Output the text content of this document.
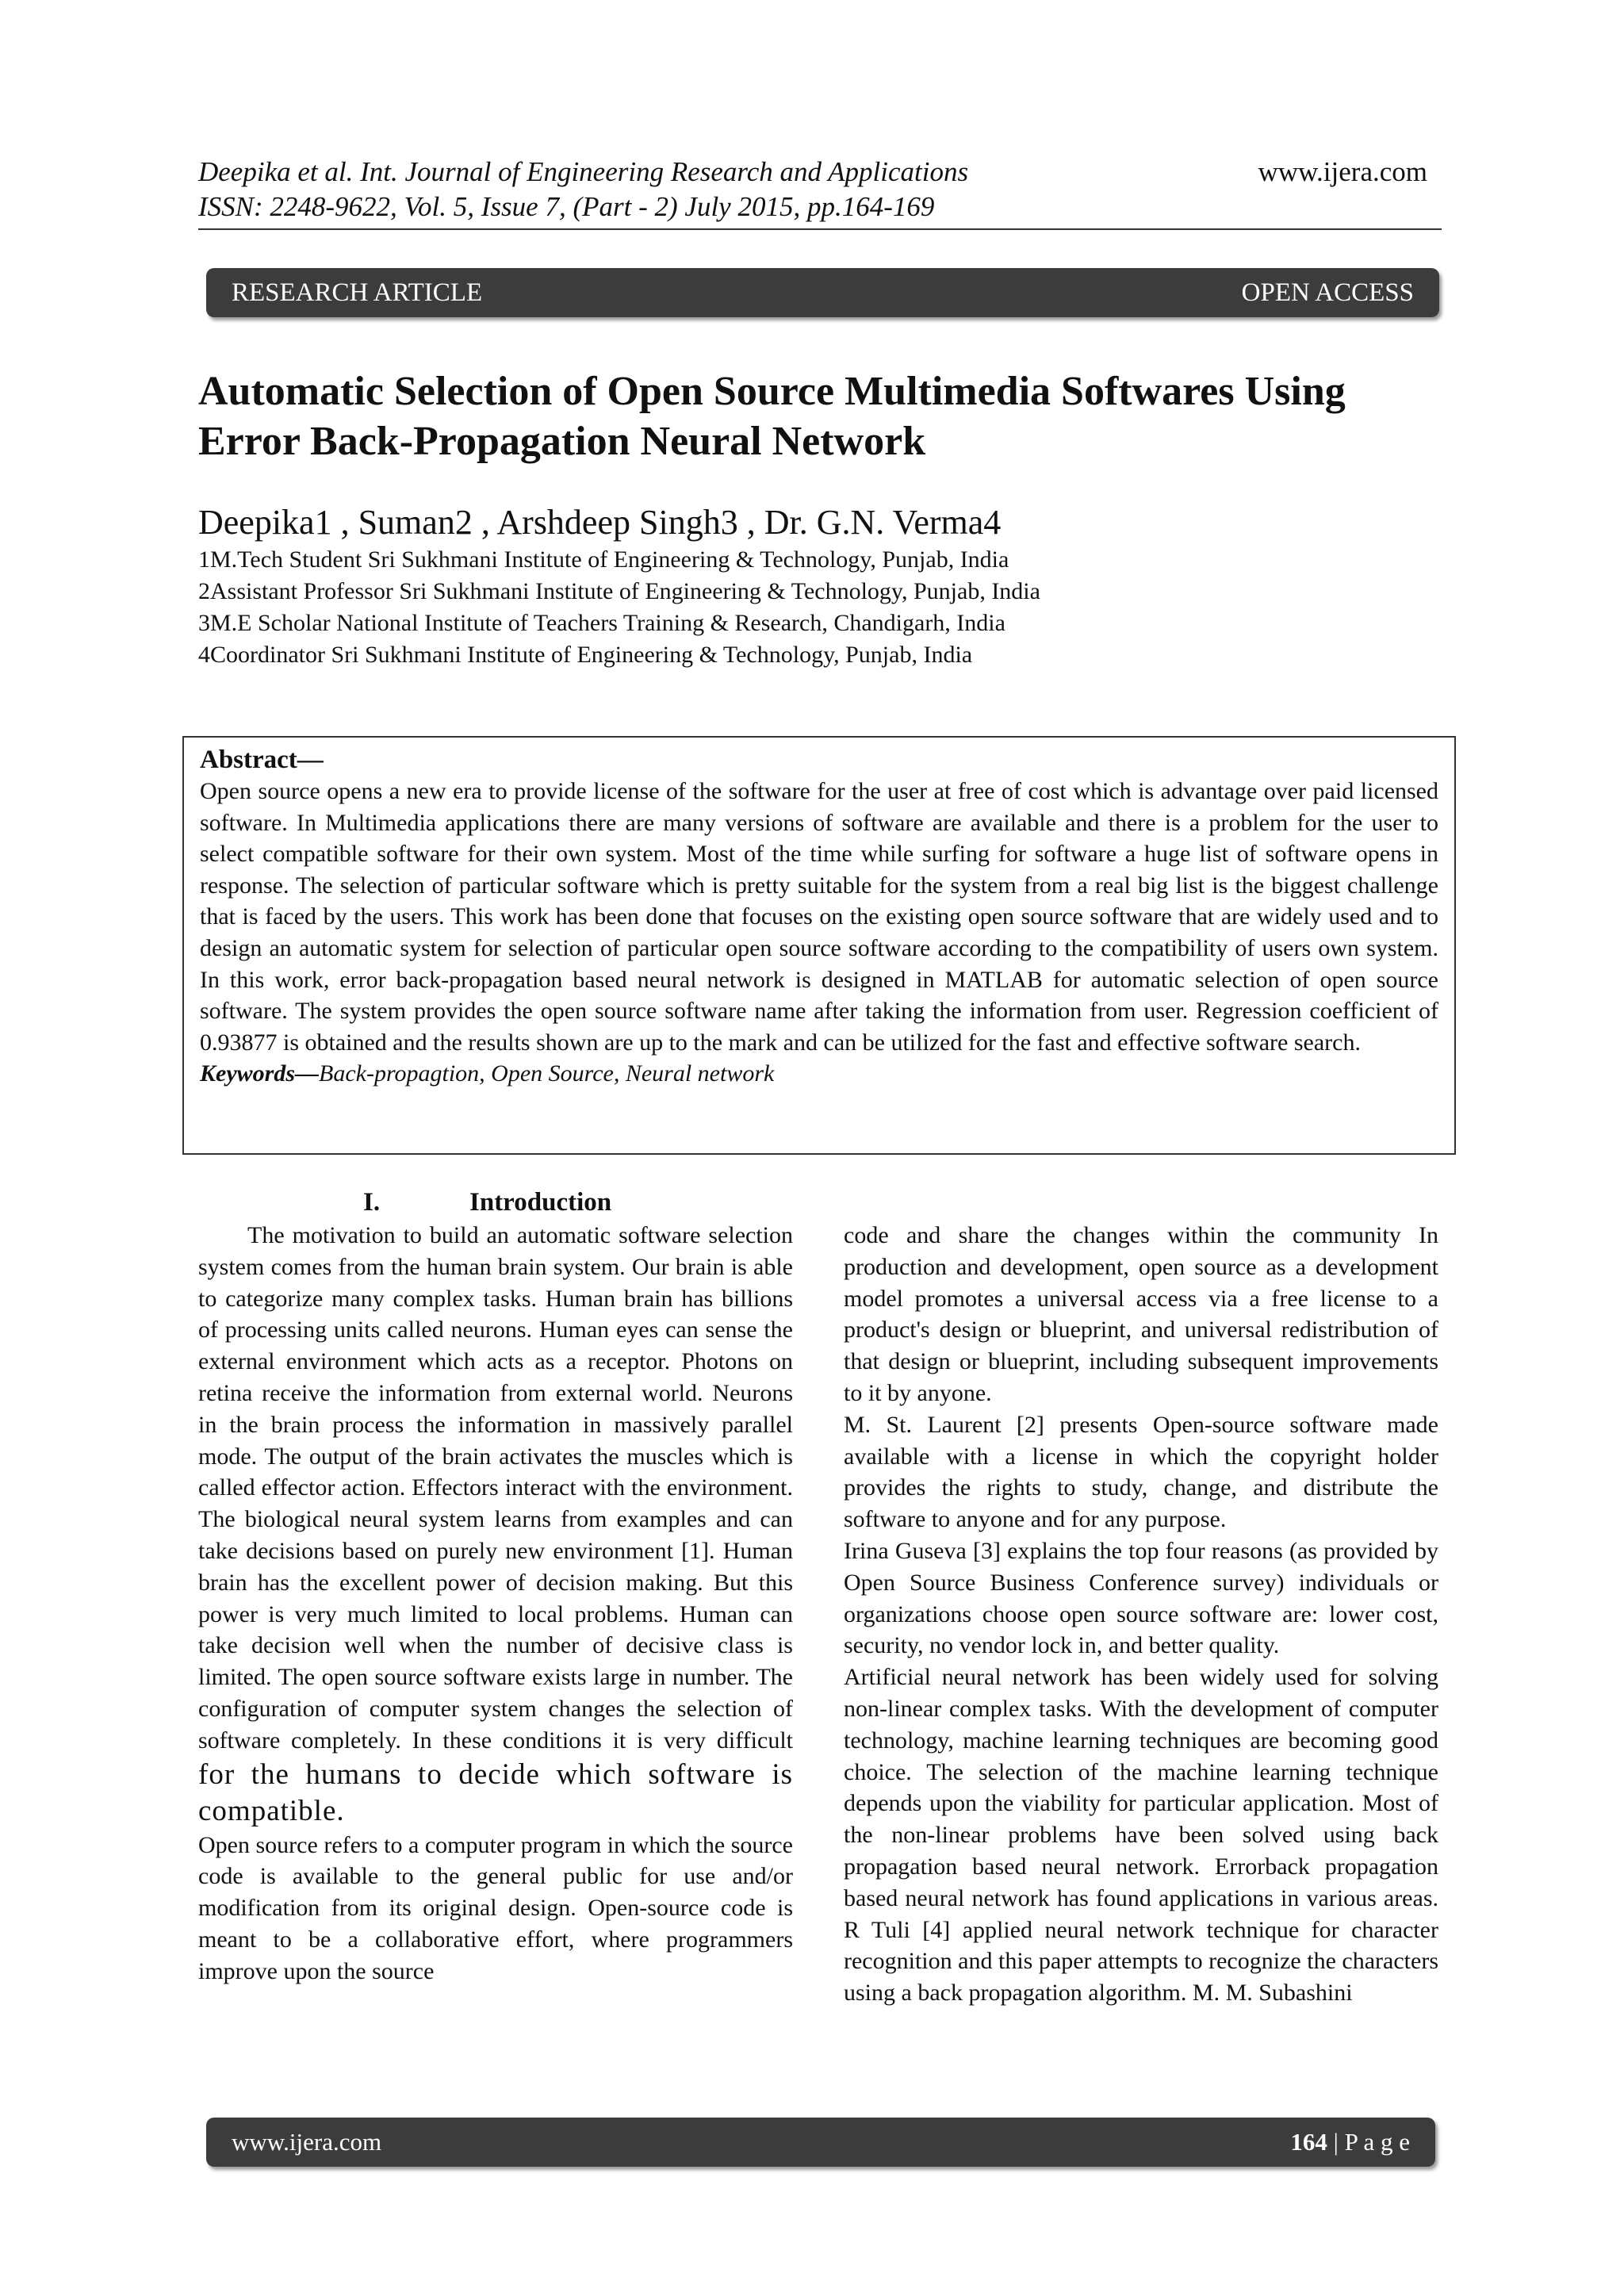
Deepika et al. Int. Journal of Engineering Research and Applications	www.ijera.com
ISSN: 2248-9622, Vol. 5, Issue 7, (Part - 2) July 2015, pp.164-169
RESEARCH ARTICLE	OPEN ACCESS
Automatic Selection of Open Source Multimedia Softwares Using
Error Back-Propagation Neural Network
Deepika1 , Suman2 , Arshdeep Singh3 , Dr. G.N. Verma4
1M.Tech Student Sri Sukhmani Institute of Engineering & Technology, Punjab, India
2Assistant Professor Sri Sukhmani Institute of Engineering & Technology, Punjab, India
3M.E Scholar National Institute of Teachers Training & Research, Chandigarh, India
4Coordinator Sri Sukhmani Institute of Engineering & Technology, Punjab, India
Abstract—
Open source opens a new era to provide license of the software for the user at free of cost which is advantage over paid licensed software. In Multimedia applications there are many versions of software are available and there is a problem for the user to select compatible software for their own system. Most of the time while surfing for software a huge list of software opens in response. The selection of particular software which is pretty suitable for the system from a real big list is the biggest challenge that is faced by the users. This work has been done that focuses on the existing open source software that are widely used and to design an automatic system for selection of particular open source software according to the compatibility of users own system. In this work, error back-propagation based neural network is designed in MATLAB for automatic selection of open source software. The system provides the open source software name after taking the information from user. Regression coefficient of 0.93877 is obtained and the results shown are up to the mark and can be utilized for the fast and effective software search.
Keywords—Back-propagtion, Open Source, Neural network
I.	Introduction

The motivation to build an automatic software selection system comes from the human brain system. Our brain is able to categorize many complex tasks. Human brain has billions of processing units called neurons. Human eyes can sense the external environment which acts as a receptor. Photons on retina receive the information from external world. Neurons in the brain process the information in massively parallel mode. The output of the brain activates the muscles which is called effector action. Effectors interact with the environment. The biological neural system learns from examples and can take decisions based on purely new environment [1]. Human brain has the excellent power of decision making. But this power is very much limited to local problems. Human can take decision well when the number of decisive class is limited. The open source software exists large in number. The configuration of computer system changes the selection of software completely. In these conditions it is very difficult for the humans to decide which software is compatible.

Open source refers to a computer program in which the source code is available to the general public for use and/or modification from its original design. Open-source code is meant to be a collaborative effort, where programmers improve upon the source

code and share the changes within the community In production and development, open source as a development model promotes a universal access via a free license to a product's design or blueprint, and universal redistribution of that design or blueprint, including subsequent improvements to it by anyone.

M. St. Laurent [2] presents Open-source software made available with a license in which the copyright holder provides the rights to study, change, and distribute the software to anyone and for any purpose.

Irina Guseva [3] explains the top four reasons (as provided by Open Source Business Conference survey) individuals or organizations choose open source software are: lower cost, security, no vendor lock in, and better quality.

Artificial neural network has been widely used for solving non-linear complex tasks. With the development of computer technology, machine learning techniques are becoming good choice. The selection of the machine learning technique depends upon the viability for particular application. Most of the non-linear problems have been solved using back propagation based neural network. Errorback propagation based neural network has found applications in various areas. R Tuli [4] applied neural network technique for character recognition and this paper attempts to recognize the characters using a back propagation algorithm. M. M. Subashini

www.ijera.com	164 | P a g e
